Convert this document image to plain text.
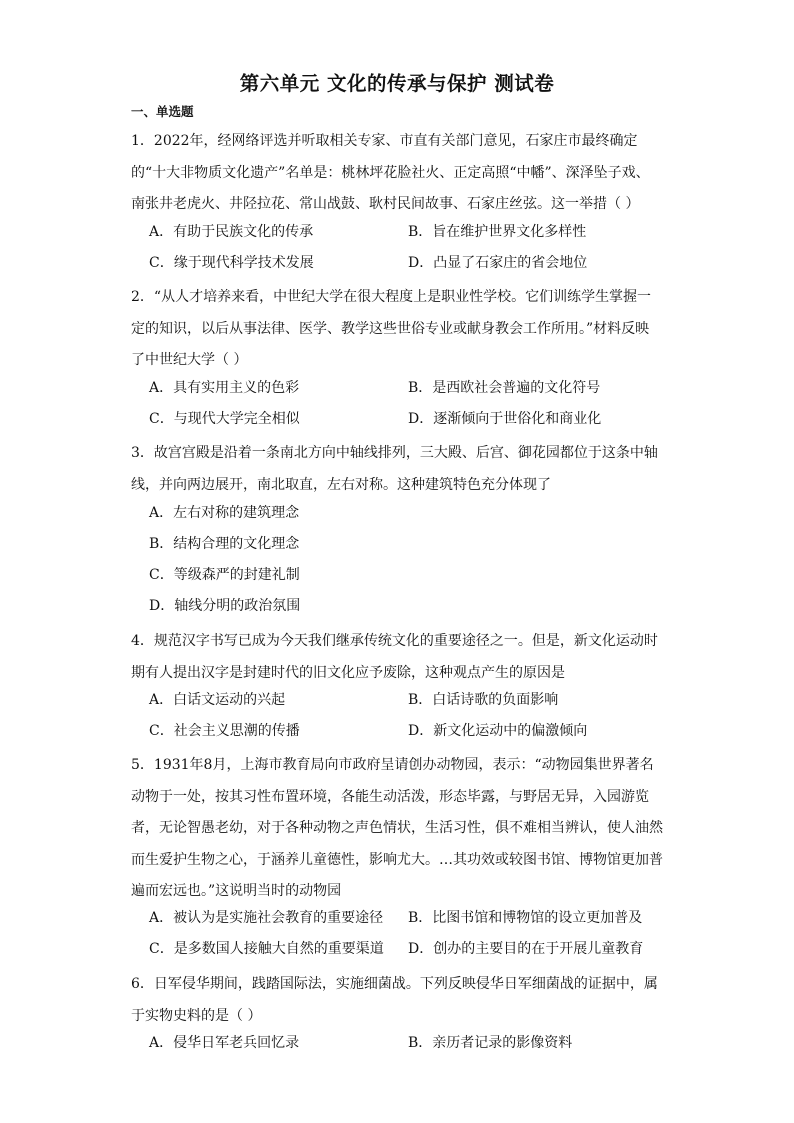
第六单元 文化的传承与保护 测试卷
一、单选题
1．2022年，经网络评选并听取相关专家、市直有关部门意见，石家庄市最终确定的“十大非物质文化遗产”名单是：桃林坪花脸社火、正定高照“中幡”、深泽坠子戏、南张井老虎火、井陉拉花、常山战鼓、耿村民间故事、石家庄丝弦。这一举措（ ）
A．有助于民族文化的传承	B．旨在维护世界文化多样性
C．缘于现代科学技术发展	D．凸显了石家庄的省会地位
2．“从人才培养来看，中世纪大学在很大程度上是职业性学校。它们训练学生掌握一定的知识，以后从事法律、医学、教学这些世俗专业或献身教会工作所用。”材料反映了中世纪大学（ ）
A．具有实用主义的色彩	B．是西欧社会普遍的文化符号
C．与现代大学完全相似	D．逐渐倾向于世俗化和商业化
3．故宫宫殿是沿着一条南北方向中轴线排列，三大殿、后宫、御花园都位于这条中轴线，并向两边展开，南北取直，左右对称。这种建筑特色充分体现了
A．左右对称的建筑理念
B．结构合理的文化理念
C．等级森严的封建礼制
D．轴线分明的政治氛围
4．规范汉字书写已成为今天我们继承传统文化的重要途径之一。但是，新文化运动时期有人提出汉字是封建时代的旧文化应予废除，这种观点产生的原因是
A．白话文运动的兴起	B．白话诗歌的负面影响
C．社会主义思潮的传播	D．新文化运动中的偏激倾向
5．1931年8月，上海市教育局向市政府呈请创办动物园，表示：“动物园集世界著名动物于一处，按其习性布置环境，各能生动活泼，形态毕露，与野居无异，入园游览者，无论智愚老幼，对于各种动物之声色情状，生活习性，俱不难相当辨认，使人油然而生爱护生物之心，于涵养儿童德性，影响尤大。…其功效或较图书馆、博物馆更加普遍而宏远也。”这说明当时的动物园
A．被认为是实施社会教育的重要途径 B．比图书馆和博物馆的设立更加普及
C．是多数国人接触大自然的重要渠道 D．创办的主要目的在于开展儿童教育
6．日军侵华期间，践踏国际法，实施细菌战。下列反映侵华日军细菌战的证据中，属于实物史料的是（ ）
A．侵华日军老兵回忆录	B．亲历者记录的影像资料
